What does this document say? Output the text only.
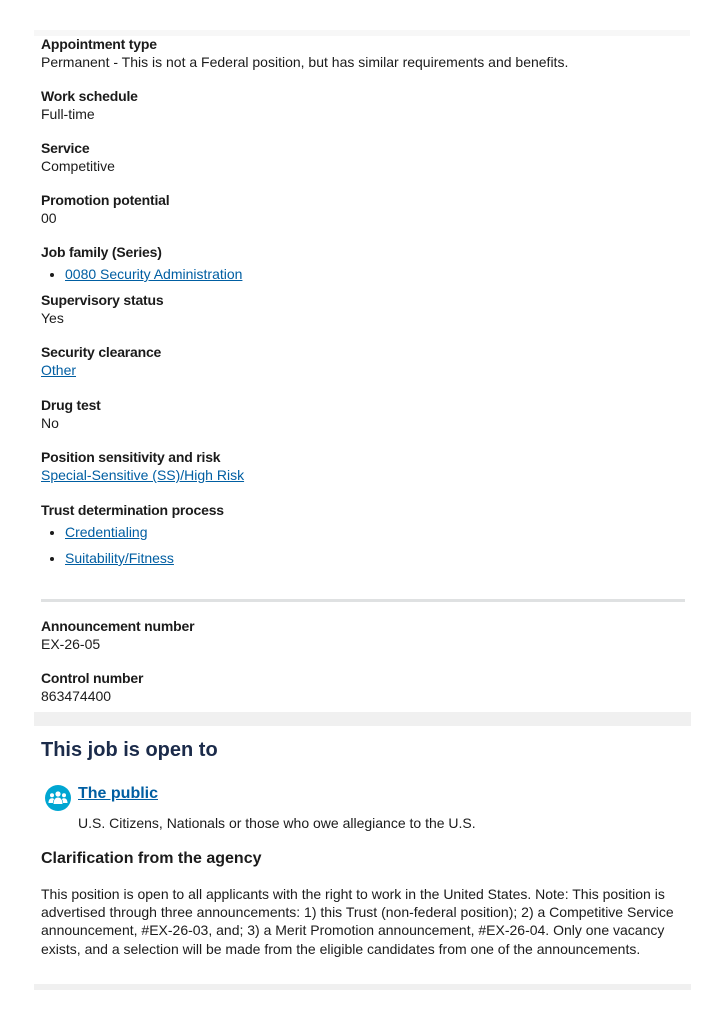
Appointment type
Permanent - This is not a Federal position, but has similar requirements and benefits.
Work schedule
Full-time
Service
Competitive
Promotion potential
00
Job family (Series)
• 0080 Security Administration
Supervisory status
Yes
Security clearance
Other
Drug test
No
Position sensitivity and risk
Special-Sensitive (SS)/High Risk
Trust determination process
• Credentialing
• Suitability/Fitness
Announcement number
EX-26-05
Control number
863474400
This job is open to
The public
U.S. Citizens, Nationals or those who owe allegiance to the U.S.
Clarification from the agency
This position is open to all applicants with the right to work in the United States. Note: This position is advertised through three announcements: 1) this Trust (non-federal position); 2) a Competitive Service announcement, #EX-26-03, and; 3) a Merit Promotion announcement, #EX-26-04. Only one vacancy exists, and a selection will be made from the eligible candidates from one of the announcements.
